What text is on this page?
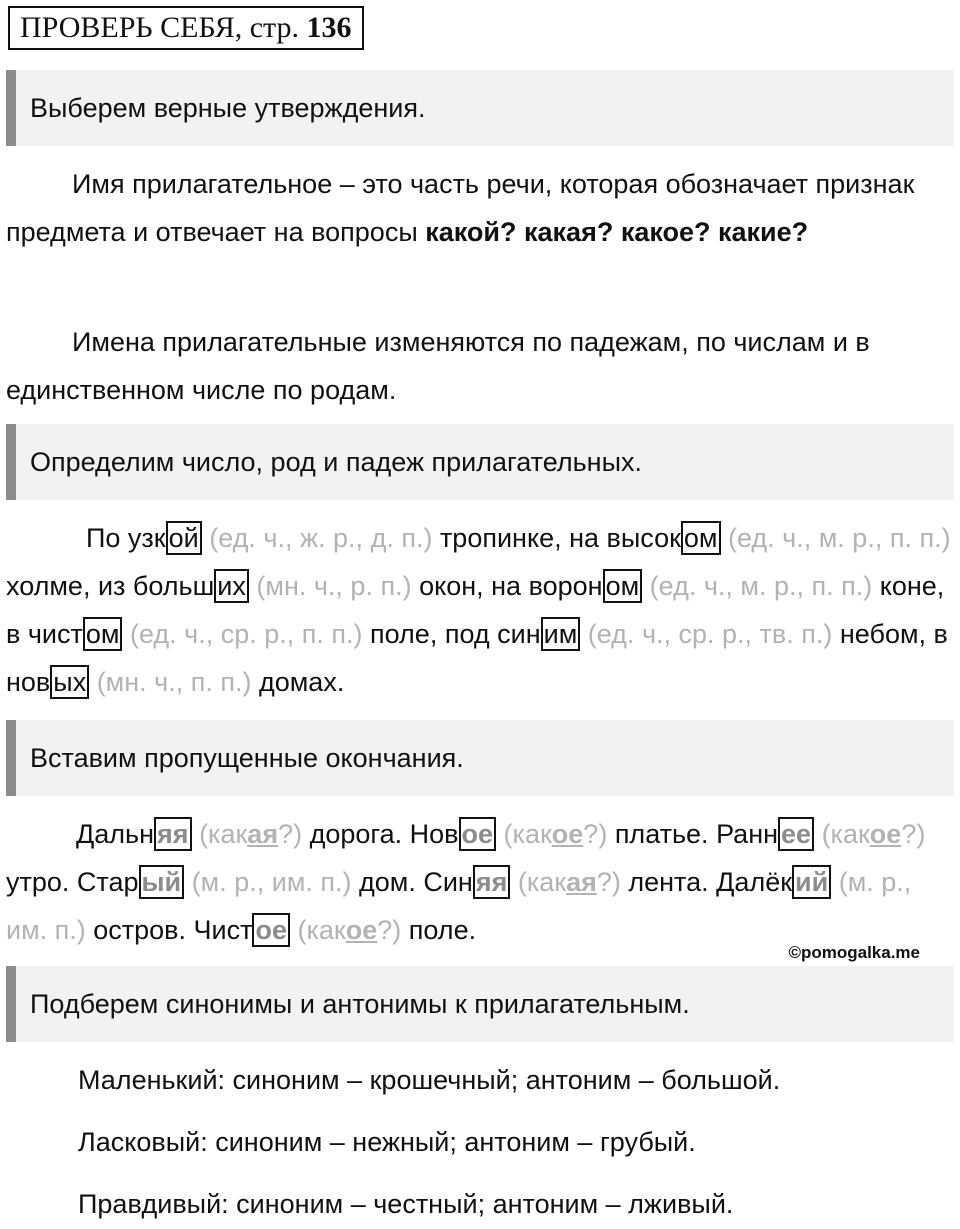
ПРОВЕРЬ СЕБЯ, стр. 136
Выберем верные утверждения.
Имя прилагательное – это часть речи, которая обозначает признак предмета и отвечает на вопросы какой? какая? какое? какие?
Имена прилагательные изменяются по падежам, по числам и в единственном числе по родам.
Определим число, род и падеж прилагательных.
По узк ой (ед. ч., ж. р., д. п.) тропинке, на высок ом (ед. ч., м. р., п. п.) холме, из больш их (мн. ч., р. п.) окон, на ворон ом (ед. ч., м. р., п. п.) коне, в чист ом (ед. ч., ср. р., п. п.) поле, под син им (ед. ч., ср. р., тв. п.) небом, в нов ых (мн. ч., п. п.) домах.
Вставим пропущенные окончания.
Дальн яя (какая?) дорога. Нов ое (какое?) платье. Ранн ее (какое?) утро. Стар ый (м. р., им. п.) дом. Син яя (какая?) лента. Далёк ий (м. р., им. п.) остров. Чист ое (какое?) поле.
©pomogalka.me
Подберем синонимы и антонимы к прилагательным.
Маленький: синоним – крошечный; антоним – большой.
Ласковый: синоним – нежный; антоним – грубый.
Правдивый: синоним – честный; антоним – лживый.
